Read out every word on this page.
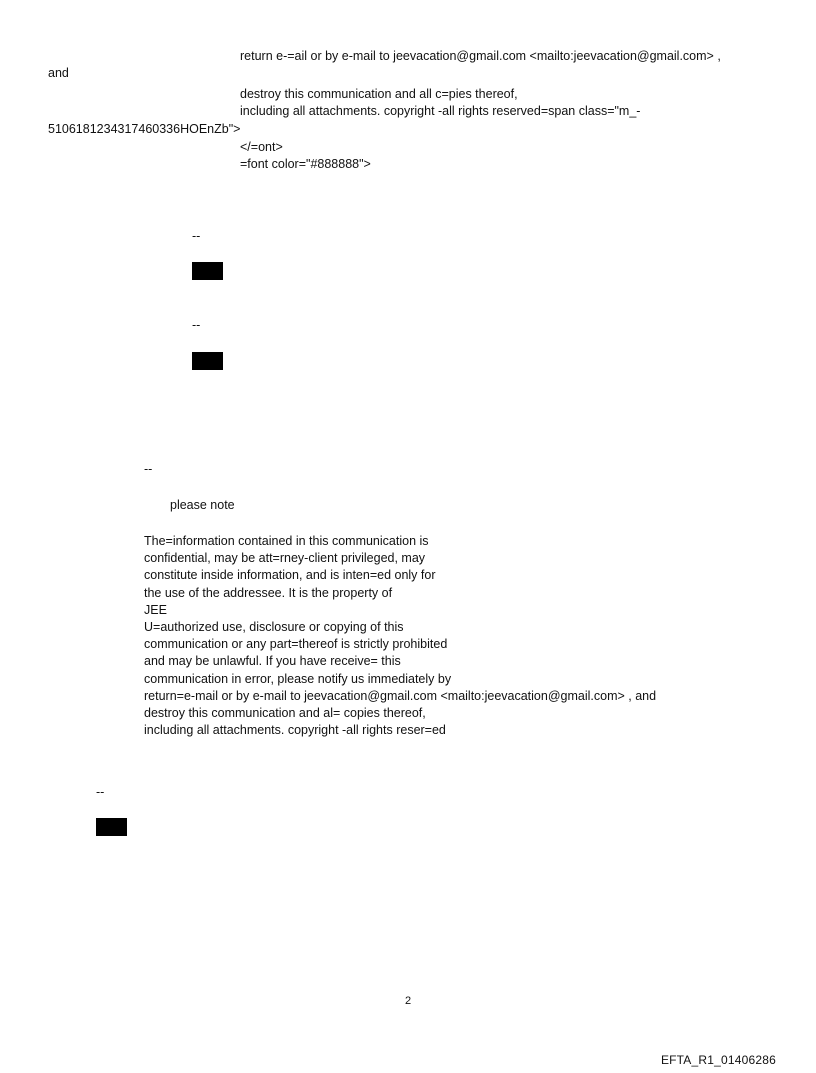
return e-=ail or by e-mail to jeevacation@gmail.com <mailto:jeevacation@gmail.com> ,
and
destroy this communication and all c=pies thereof,
including all attachments. copyright -all rights reserved=span class="m_-
5106181234317460336HOEnZb">
</=ont>
=font color="#888888">
--
--
--
please note
The=information contained in this communication is
confidential, may be att=rney-client privileged, may
constitute inside information, and is inten=ed only for
the use of the addressee. It is the property of
JEE
U=authorized use, disclosure or copying of this
communication or any part=thereof is strictly prohibited
and may be unlawful. If you have receive= this
communication in error, please notify us immediately by
return=e-mail or by e-mail to jeevacation@gmail.com <mailto:jeevacation@gmail.com> , and
destroy this communication and al= copies thereof,
including all attachments. copyright -all rights reser=ed
--
2
EFTA_R1_01406286
